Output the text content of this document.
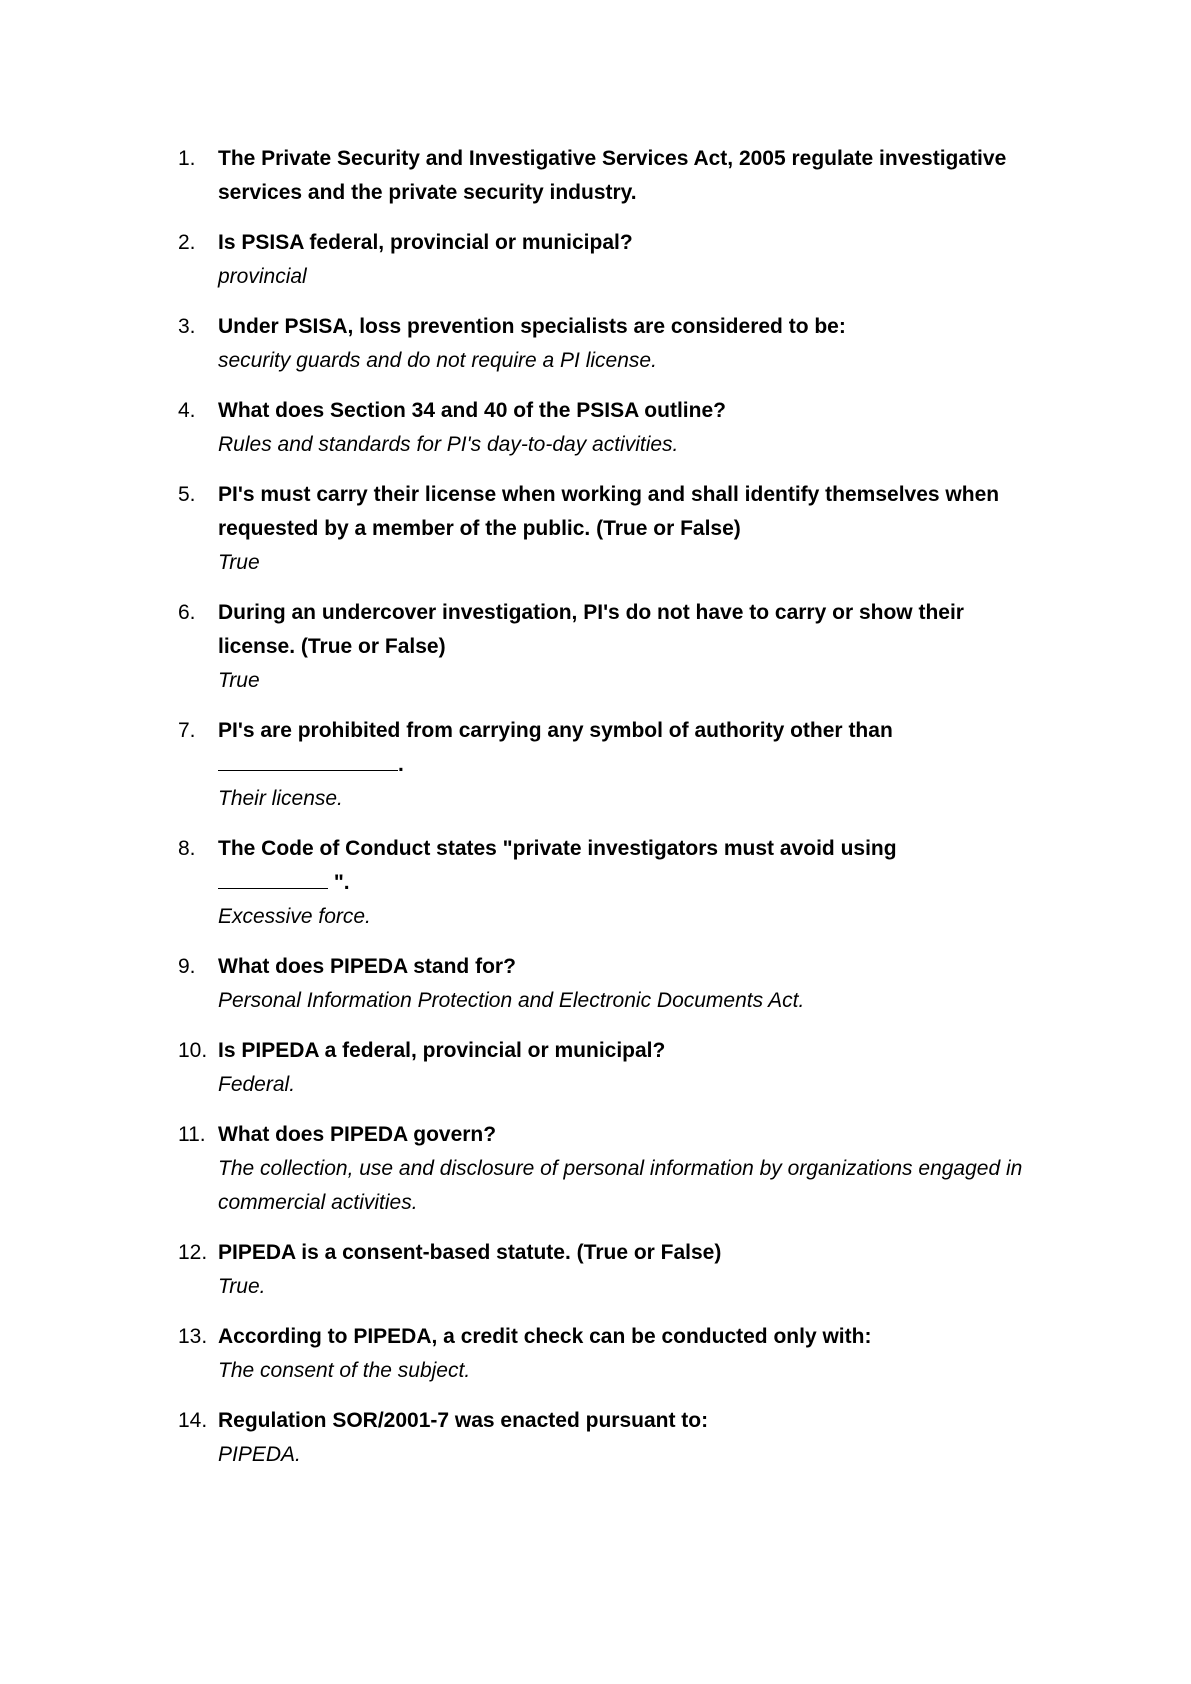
1. The Private Security and Investigative Services Act, 2005 regulate investigative services and the private security industry.
2. Is PSISA federal, provincial or municipal?
provincial
3. Under PSISA, loss prevention specialists are considered to be:
security guards and do not require a PI license.
4. What does Section 34 and 40 of the PSISA outline?
Rules and standards for PI's day-to-day activities.
5. PI's must carry their license when working and shall identify themselves when requested by a member of the public. (True or False)
True
6. During an undercover investigation, PI's do not have to carry or show their license. (True or False)
True
7. PI's are prohibited from carrying any symbol of authority other than
.
Their license.
8. The Code of Conduct states "private investigators must avoid using
".
Excessive force.
9. What does PIPEDA stand for?
Personal Information Protection and Electronic Documents Act.
10. Is PIPEDA a federal, provincial or municipal?
Federal.
11. What does PIPEDA govern?
The collection, use and disclosure of personal information by organizations engaged in commercial activities.
12. PIPEDA is a consent-based statute. (True or False)
True.
13. According to PIPEDA, a credit check can be conducted only with:
The consent of the subject.
14. Regulation SOR/2001-7 was enacted pursuant to:
PIPEDA.
